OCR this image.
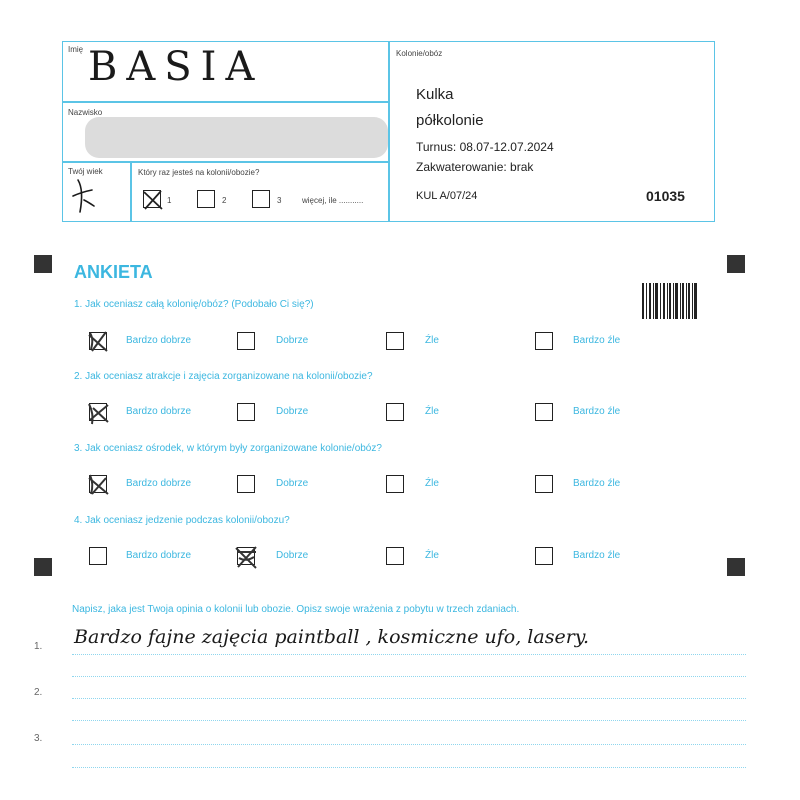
Imię BASIA
Nazwisko
Twój wiek	Który raz jesteś na kolonii/obozie?
1	2	3	więcej, ile ...........
Kolonie/obóz
Kulka
półkolonie
Turnus: 08.07-12.07.2024
Zakwaterowanie: brak
KUL A/07/24	01035
ANKIETA
1. Jak oceniasz całą kolonię/obóz? (Podobało Ci się?)
Bardzo dobrze	Dobrze	Źle	Bardzo źle
2. Jak oceniasz atrakcje i zajęcia zorganizowane na kolonii/obozie?
Bardzo dobrze	Dobrze	Źle	Bardzo źle
3. Jak oceniasz ośrodek, w którym były zorganizowane kolonie/obóz?
Bardzo dobrze	Dobrze	Źle	Bardzo źle
4. Jak oceniasz jedzenie podczas kolonii/obozu?
Bardzo dobrze	Dobrze	Źle	Bardzo źle
Napisz, jaka jest Twoja opinia o kolonii lub obozie. Opisz swoje wrażenia z pobytu w trzech zdaniach.
1. Bardzo fajne zajęcia paintball , kosmiczne ufo, lasery.
2.
3.
